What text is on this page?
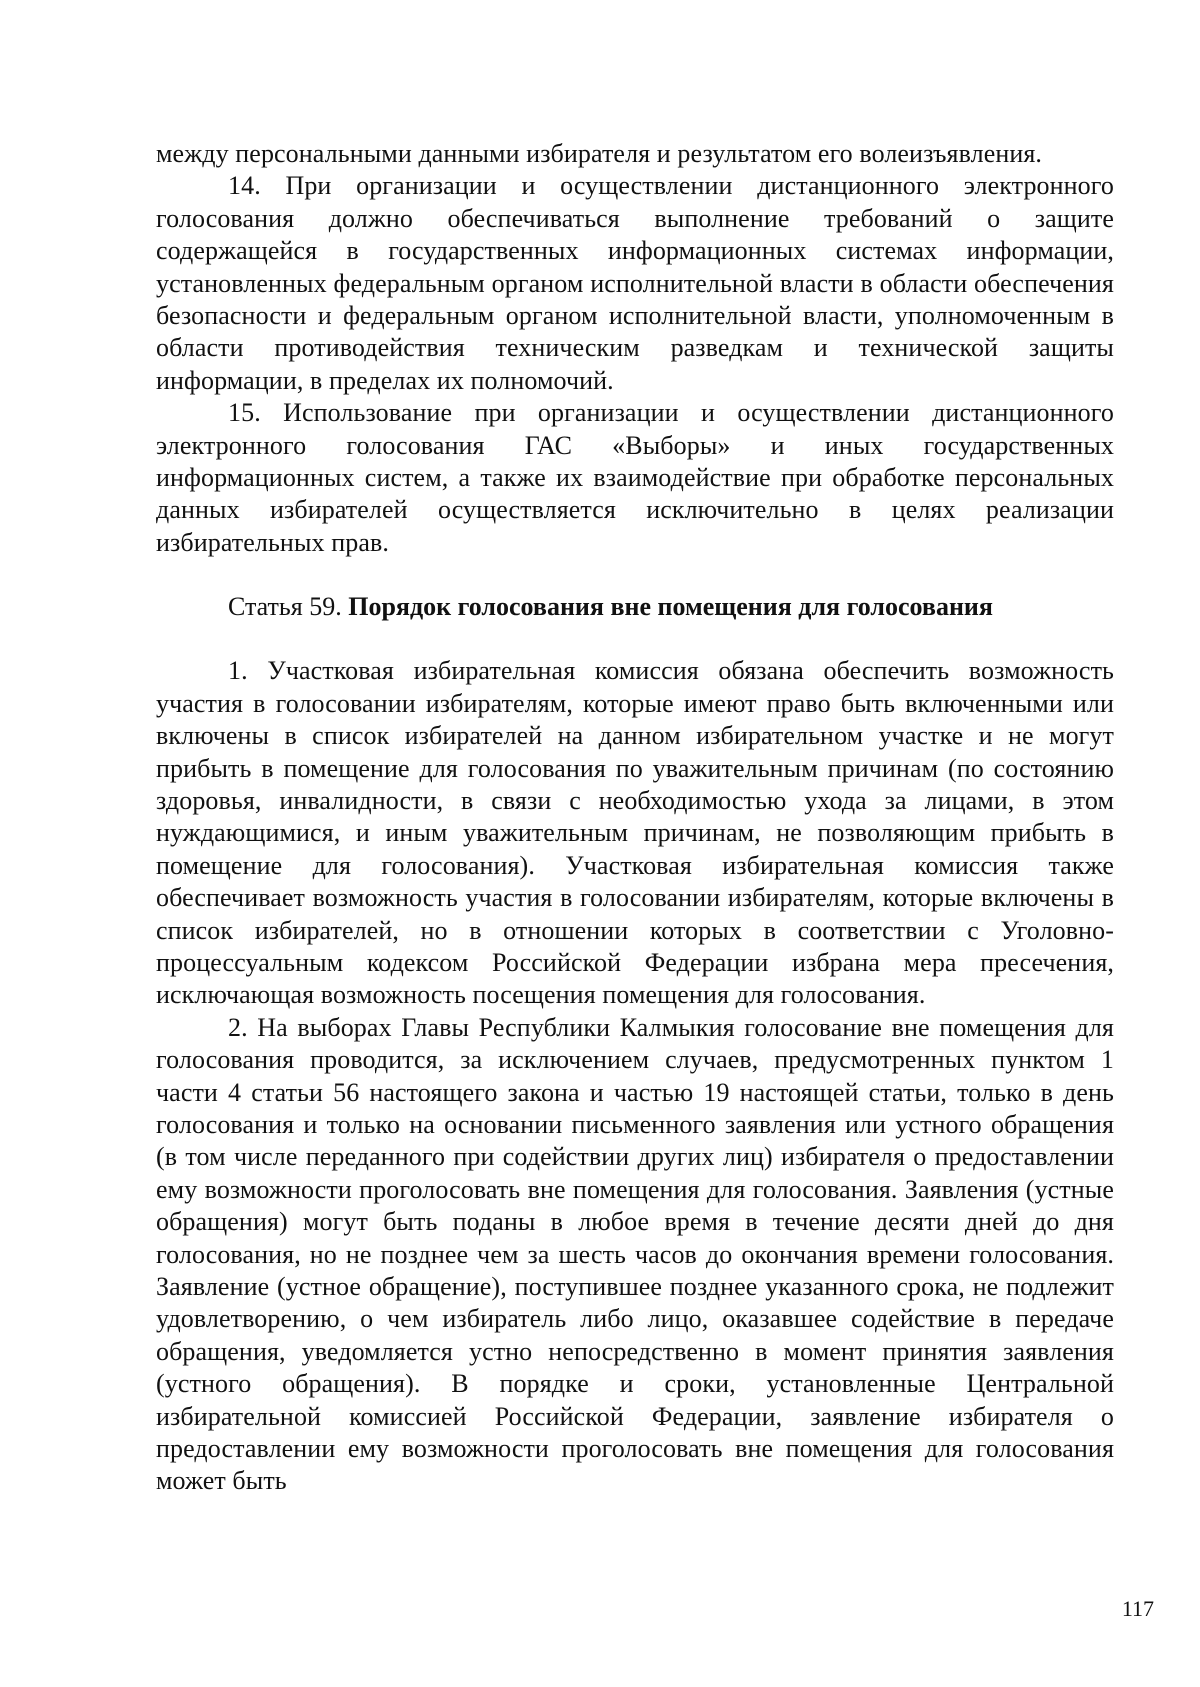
между персональными данными избирателя и результатом его волеизъявления.

14. При организации и осуществлении дистанционного электронного голосования должно обеспечиваться выполнение требований о защите содержащейся в государственных информационных системах информации, установленных федеральным органом исполнительной власти в области обеспечения безопасности и федеральным органом исполнительной власти, уполномоченным в области противодействия техническим разведкам и технической защиты информации, в пределах их полномочий.

15. Использование при организации и осуществлении дистанционного электронного голосования ГАС «Выборы» и иных государственных информационных систем, а также их взаимодействие при обработке персональных данных избирателей осуществляется исключительно в целях реализации избирательных прав.

Статья 59. Порядок голосования вне помещения для голосования

1. Участковая избирательная комиссия обязана обеспечить возможность участия в голосовании избирателям, которые имеют право быть включенными или включены в список избирателей на данном избирательном участке и не могут прибыть в помещение для голосования по уважительным причинам (по состоянию здоровья, инвалидности, в связи с необходимостью ухода за лицами, в этом нуждающимися, и иным уважительным причинам, не позволяющим прибыть в помещение для голосования). Участковая избирательная комиссия также обеспечивает возможность участия в голосовании избирателям, которые включены в список избирателей, но в отношении которых в соответствии с Уголовно-процессуальным кодексом Российской Федерации избрана мера пресечения, исключающая возможность посещения помещения для голосования.

2. На выборах Главы Республики Калмыкия голосование вне помещения для голосования проводится, за исключением случаев, предусмотренных пунктом 1 части 4 статьи 56 настоящего закона и частью 19 настоящей статьи, только в день голосования и только на основании письменного заявления или устного обращения (в том числе переданного при содействии других лиц) избирателя о предоставлении ему возможности проголосовать вне помещения для голосования. Заявления (устные обращения) могут быть поданы в любое время в течение десяти дней до дня голосования, но не позднее чем за шесть часов до окончания времени голосования. Заявление (устное обращение), поступившее позднее указанного срока, не подлежит удовлетворению, о чем избиратель либо лицо, оказавшее содействие в передаче обращения, уведомляется устно непосредственно в момент принятия заявления (устного обращения). В порядке и сроки, установленные Центральной избирательной комиссией Российской Федерации, заявление избирателя о предоставлении ему возможности проголосовать вне помещения для голосования может быть

117
